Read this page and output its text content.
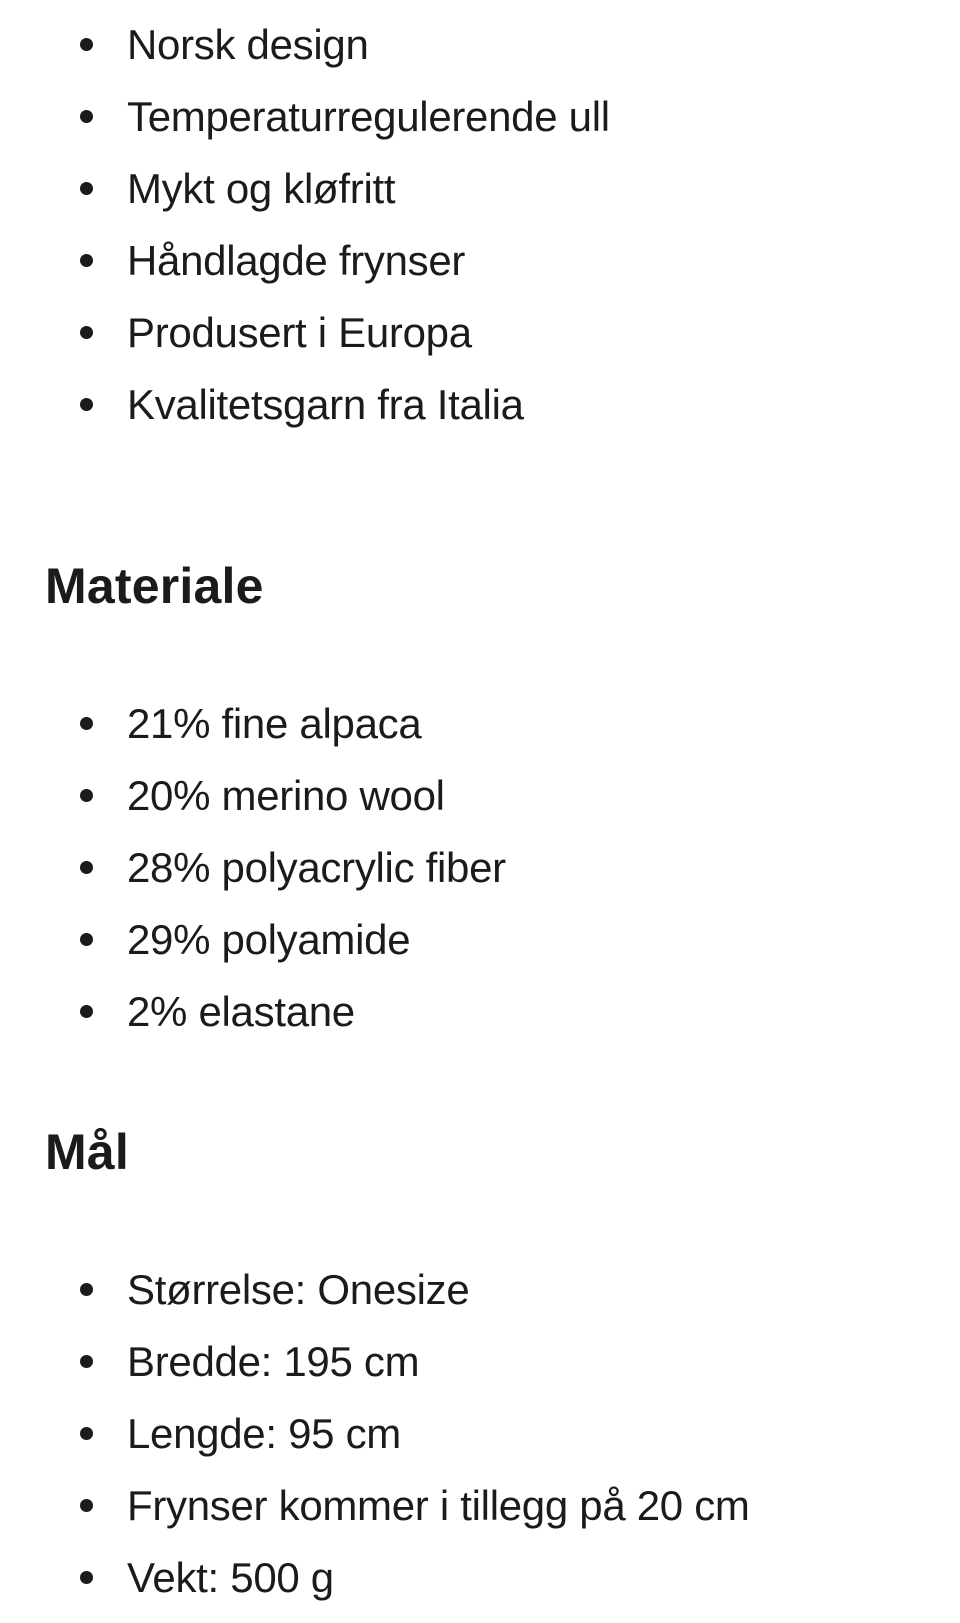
Norsk design
Temperaturregulerende ull
Mykt og kløfritt
Håndlagde frynser
Produsert i Europa
Kvalitetsgarn fra Italia
Materiale
21% fine alpaca
20% merino wool
28% polyacrylic fiber
29% polyamide
2% elastane
Mål
Størrelse: Onesize
Bredde: 195 cm
Lengde: 95 cm
Frynser kommer i tillegg på 20 cm
Vekt: 500 g
